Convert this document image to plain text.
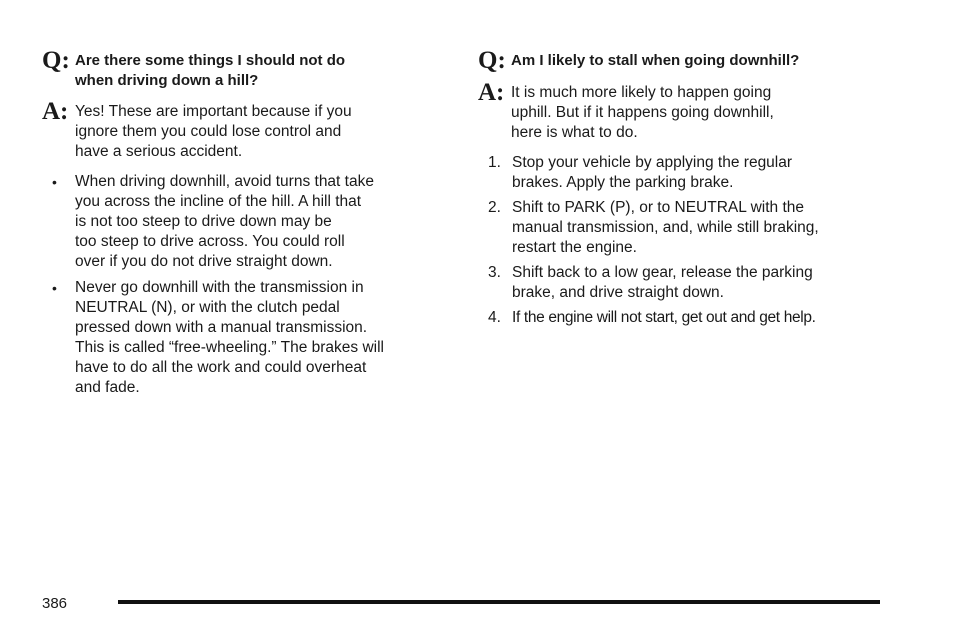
Q: Are there some things I should not do
when driving down a hill?
A: Yes! These are important because if you
ignore them you could lose control and
have a serious accident.
•	When driving downhill, avoid turns that take
you across the incline of the hill. A hill that
is not too steep to drive down may be
too steep to drive across. You could roll
over if you do not drive straight down.
•	Never go downhill with the transmission in
NEUTRAL (N), or with the clutch pedal
pressed down with a manual transmission.
This is called “free-wheeling.” The brakes will
have to do all the work and could overheat
and fade.
Q: Am I likely to stall when going downhill?
A: It is much more likely to happen going
uphill. But if it happens going downhill,
here is what to do.
1. Stop your vehicle by applying the regular
brakes. Apply the parking brake.
2. Shift to PARK (P), or to NEUTRAL with the
manual transmission, and, while still braking,
restart the engine.
3. Shift back to a low gear, release the parking
brake, and drive straight down.
4. If the engine will not start, get out and get help.
386
